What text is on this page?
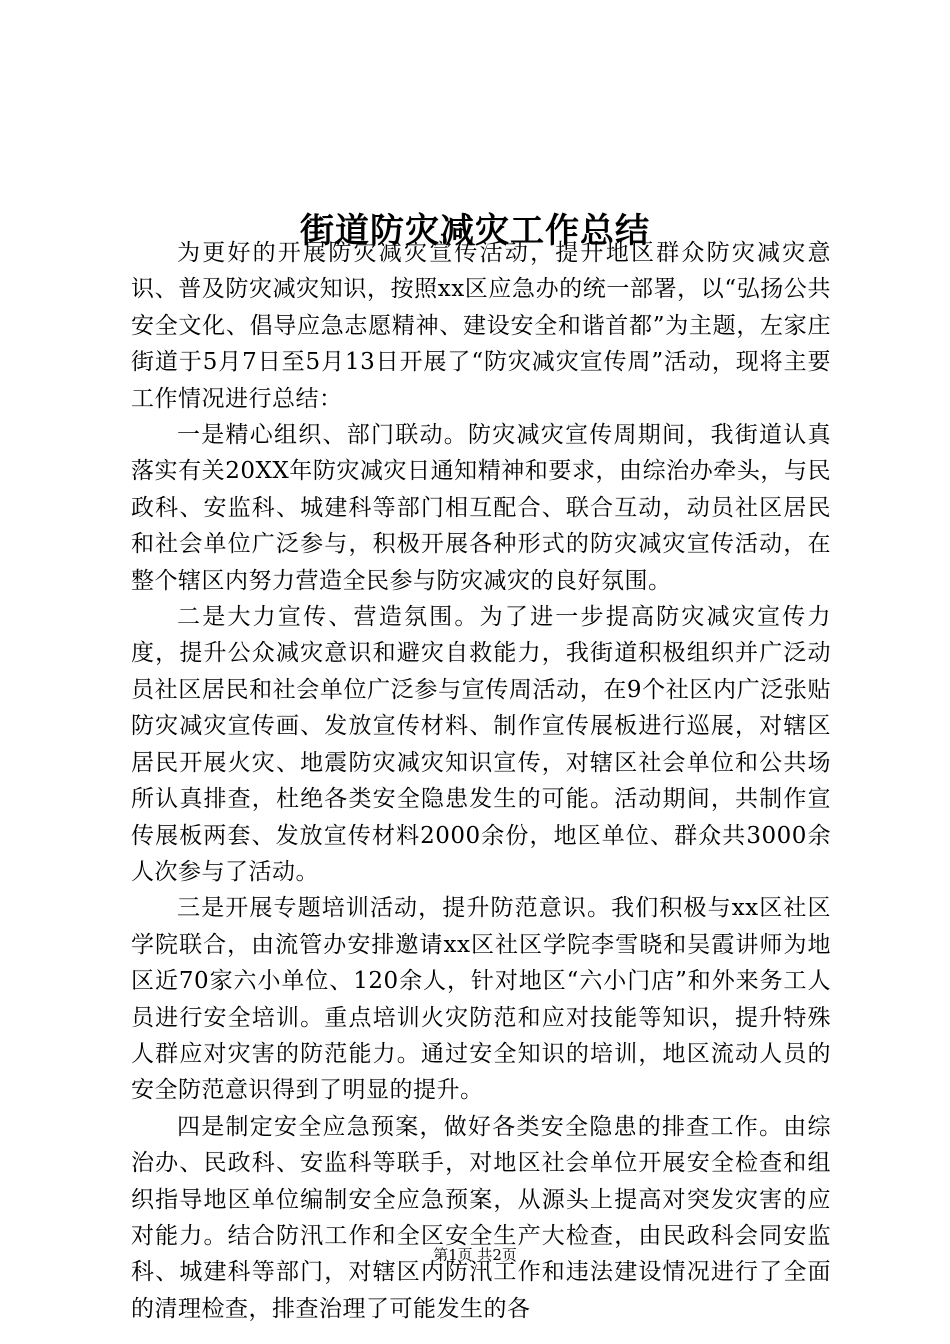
街道防灾减灾工作总结

为更好的开展防灾减灾宣传活动，提升地区群众防灾减灾意识、普及防灾减灾知识，按照xx区应急办的统一部署，以“弘扬公共安全文化、倡导应急志愿精神、建设安全和谐首都”为主题，左家庄街道于5月7日至5月13日开展了“防灾减灾宣传周”活动，现将主要工作情况进行总结：

一是精心组织、部门联动。防灾减灾宣传周期间，我街道认真落实有关20XX年防灾减灾日通知精神和要求，由综治办牵头，与民政科、安监科、城建科等部门相互配合、联合互动，动员社区居民和社会单位广泛参与，积极开展各种形式的防灾减灾宣传活动，在整个辖区内努力营造全民参与防灾减灾的良好氛围。

二是大力宣传、营造氛围。为了进一步提高防灾减灾宣传力度，提升公众减灾意识和避灾自救能力，我街道积极组织并广泛动员社区居民和社会单位广泛参与宣传周活动，在9个社区内广泛张贴防灾减灾宣传画、发放宣传材料、制作宣传展板进行巡展，对辖区居民开展火灾、地震防灾减灾知识宣传，对辖区社会单位和公共场所认真排查，杜绝各类安全隐患发生的可能。活动期间，共制作宣传展板两套、发放宣传材料2000余份，地区单位、群众共3000余人次参与了活动。

三是开展专题培训活动，提升防范意识。我们积极与xx区社区学院联合，由流管办安排邀请xx区社区学院李雪晓和吴霞讲师为地区近70家六小单位、120余人，针对地区“六小门店”和外来务工人员进行安全培训。重点培训火灾防范和应对技能等知识，提升特殊人群应对灾害的防范能力。通过安全知识的培训，地区流动人员的安全防范意识得到了明显的提升。

四是制定安全应急预案，做好各类安全隐患的排查工作。由综治办、民政科、安监科等联手，对地区社会单位开展安全检查和组织指导地区单位编制安全应急预案，从源头上提高对突发灾害的应对能力。结合防汛工作和全区安全生产大检查，由民政科会同安监科、城建科等部门，对辖区内防汛工作和违法建设情况进行了全面的清理检查，排查治理了可能发生的各

第1页 共2页
